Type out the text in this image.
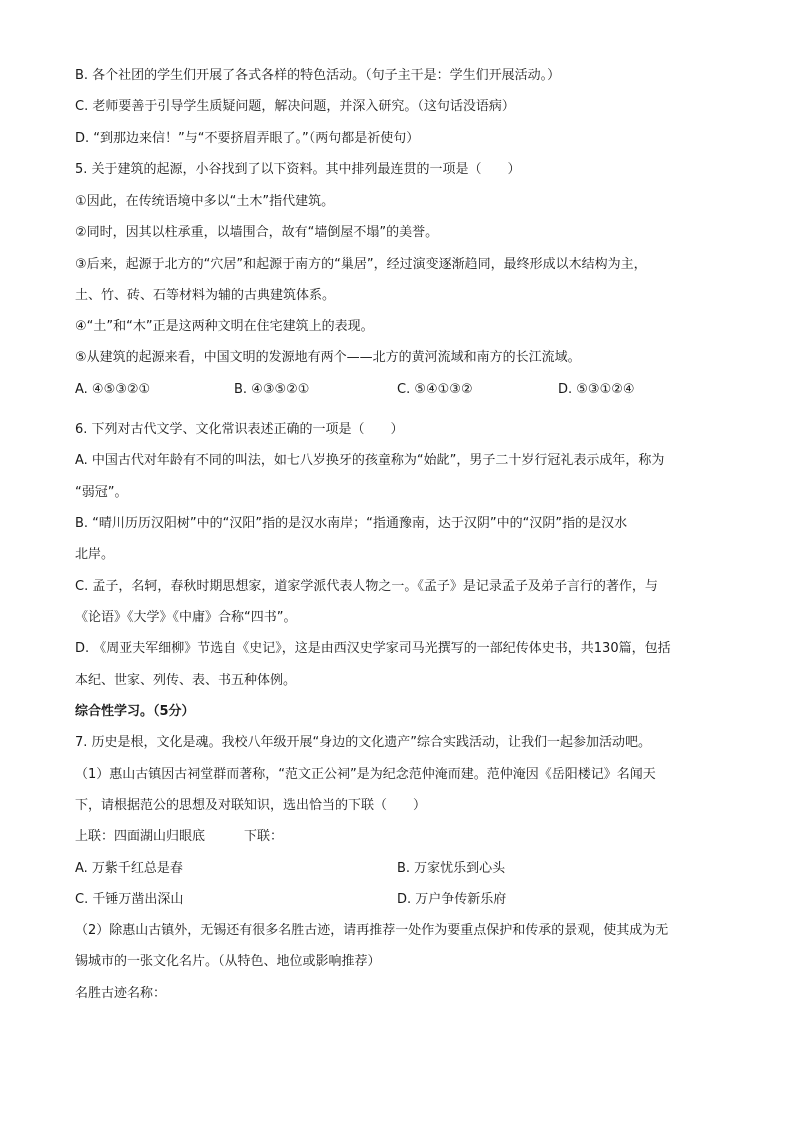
B. 各个社团的学生们开展了各式各样的特色活动。（句子主干是：学生们开展活动。）
C. 老师要善于引导学生质疑问题，解决问题，并深入研究。（这句话没语病）
D. “到那边来信！”与“不要挤眉弄眼了。”（两句都是祈使句）
5. 关于建筑的起源，小谷找到了以下资料。其中排列最连贯的一项是（　　）
①因此，在传统语境中多以“土木”指代建筑。
②同时，因其以柱承重，以墙围合，故有“墙倒屋不塌”的美誉。
③后来，起源于北方的“穴居”和起源于南方的“巢居”，经过演变逐渐趋同，最终形成以木结构为主，
土、竹、砖、石等材料为辅的古典建筑体系。
④“土”和“木”正是这两种文明在住宅建筑上的表现。
⑤从建筑的起源来看，中国文明的发源地有两个——北方的黄河流域和南方的长江流域。
A. ④⑤③②①	B. ④③⑤②①	C. ⑤④①③②	D. ⑤③①②④
6. 下列对古代文学、文化常识表述正确的一项是（　　）
A. 中国古代对年龄有不同的叫法，如七八岁换牙的孩童称为“始龀”，男子二十岁行冠礼表示成年，称为
“弱冠”。
B. “晴川历历汉阳树”中的“汉阳”指的是汉水南岸；“指通豫南，达于汉阴”中的“汉阴”指的是汉水
北岸。
C. 孟子，名轲，春秋时期思想家，道家学派代表人物之一。《孟子》是记录孟子及弟子言行的著作，与
《论语》《大学》《中庸》合称“四书”。
D. 《周亚夫军细柳》节选自《史记》，这是由西汉史学家司马光撰写的一部纪传体史书，共130篇，包括
本纪、世家、列传、表、书五种体例。
综合性学习。（5分）
7. 历史是根，文化是魂。我校八年级开展“身边的文化遗产”综合实践活动，让我们一起参加活动吧。
（1）惠山古镇因古祠堂群而著称，“范文正公祠”是为纪念范仲淹而建。范仲淹因《岳阳楼记》名闻天
下，请根据范公的思想及对联知识，选出恰当的下联（　　）
上联：四面湖山归眼底　　　下联：
A. 万紫千红总是春	B. 万家忧乐到心头
C. 千锤万凿出深山	D. 万户争传新乐府
（2）除惠山古镇外，无锡还有很多名胜古迹，请再推荐一处作为要重点保护和传承的景观，使其成为无
锡城市的一张文化名片。（从特色、地位或影响推荐）
名胜古迹名称：
